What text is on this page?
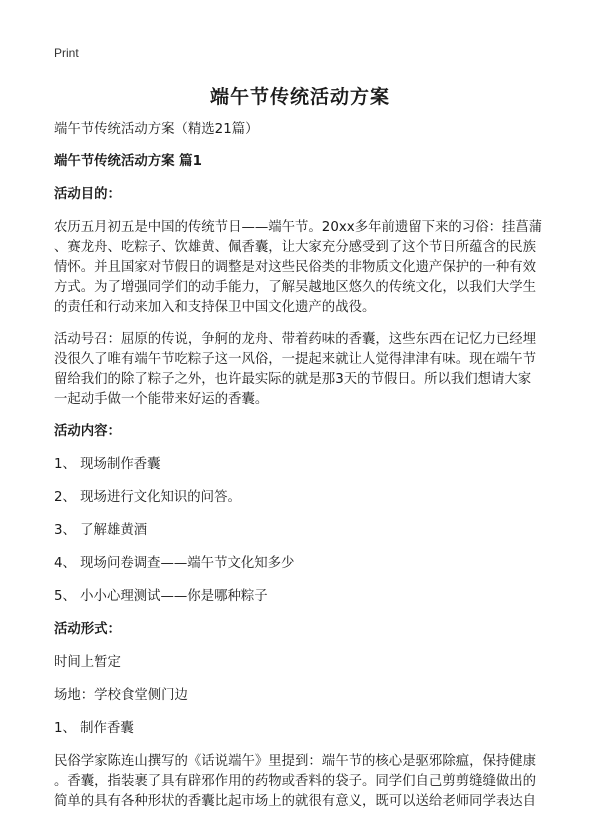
Print
端午节传统活动方案
端午节传统活动方案（精选21篇）
端午节传统活动方案 篇1
活动目的：
农历五月初五是中国的传统节日——端午节。20xx多年前遗留下来的习俗：挂菖蒲
、赛龙舟、吃粽子、饮雄黄、佩香囊，让大家充分感受到了这个节日所蕴含的民族
情怀。并且国家对节假日的调整是对这些民俗类的非物质文化遗产保护的一种有效
方式。为了增强同学们的动手能力，了解吴越地区悠久的传统文化，以我们大学生
的责任和行动来加入和支持保卫中国文化遗产的战役。
活动号召：屈原的传说，争舸的龙舟、带着药味的香囊，这些东西在记忆力已经埋
没很久了唯有端午节吃粽子这一风俗，一提起来就让人觉得津津有味。现在端午节
留给我们的除了粽子之外，也许最实际的就是那3天的节假日。所以我们想请大家
一起动手做一个能带来好运的香囊。
活动内容：
1、 现场制作香囊
2、 现场进行文化知识的问答。
3、 了解雄黄酒
4、 现场问卷调查——端午节文化知多少
5、 小小心理测试——你是哪种粽子
活动形式：
时间上暂定
场地：学校食堂侧门边
1、 制作香囊
民俗学家陈连山撰写的《话说端午》里提到：端午节的核心是驱邪除瘟，保持健康
。香囊，指装裹了具有辟邪作用的药物或香料的袋子。同学们自己剪剪缝缝做出的
简单的具有各种形状的香囊比起市场上的就很有意义，既可以送给老师同学表达自
